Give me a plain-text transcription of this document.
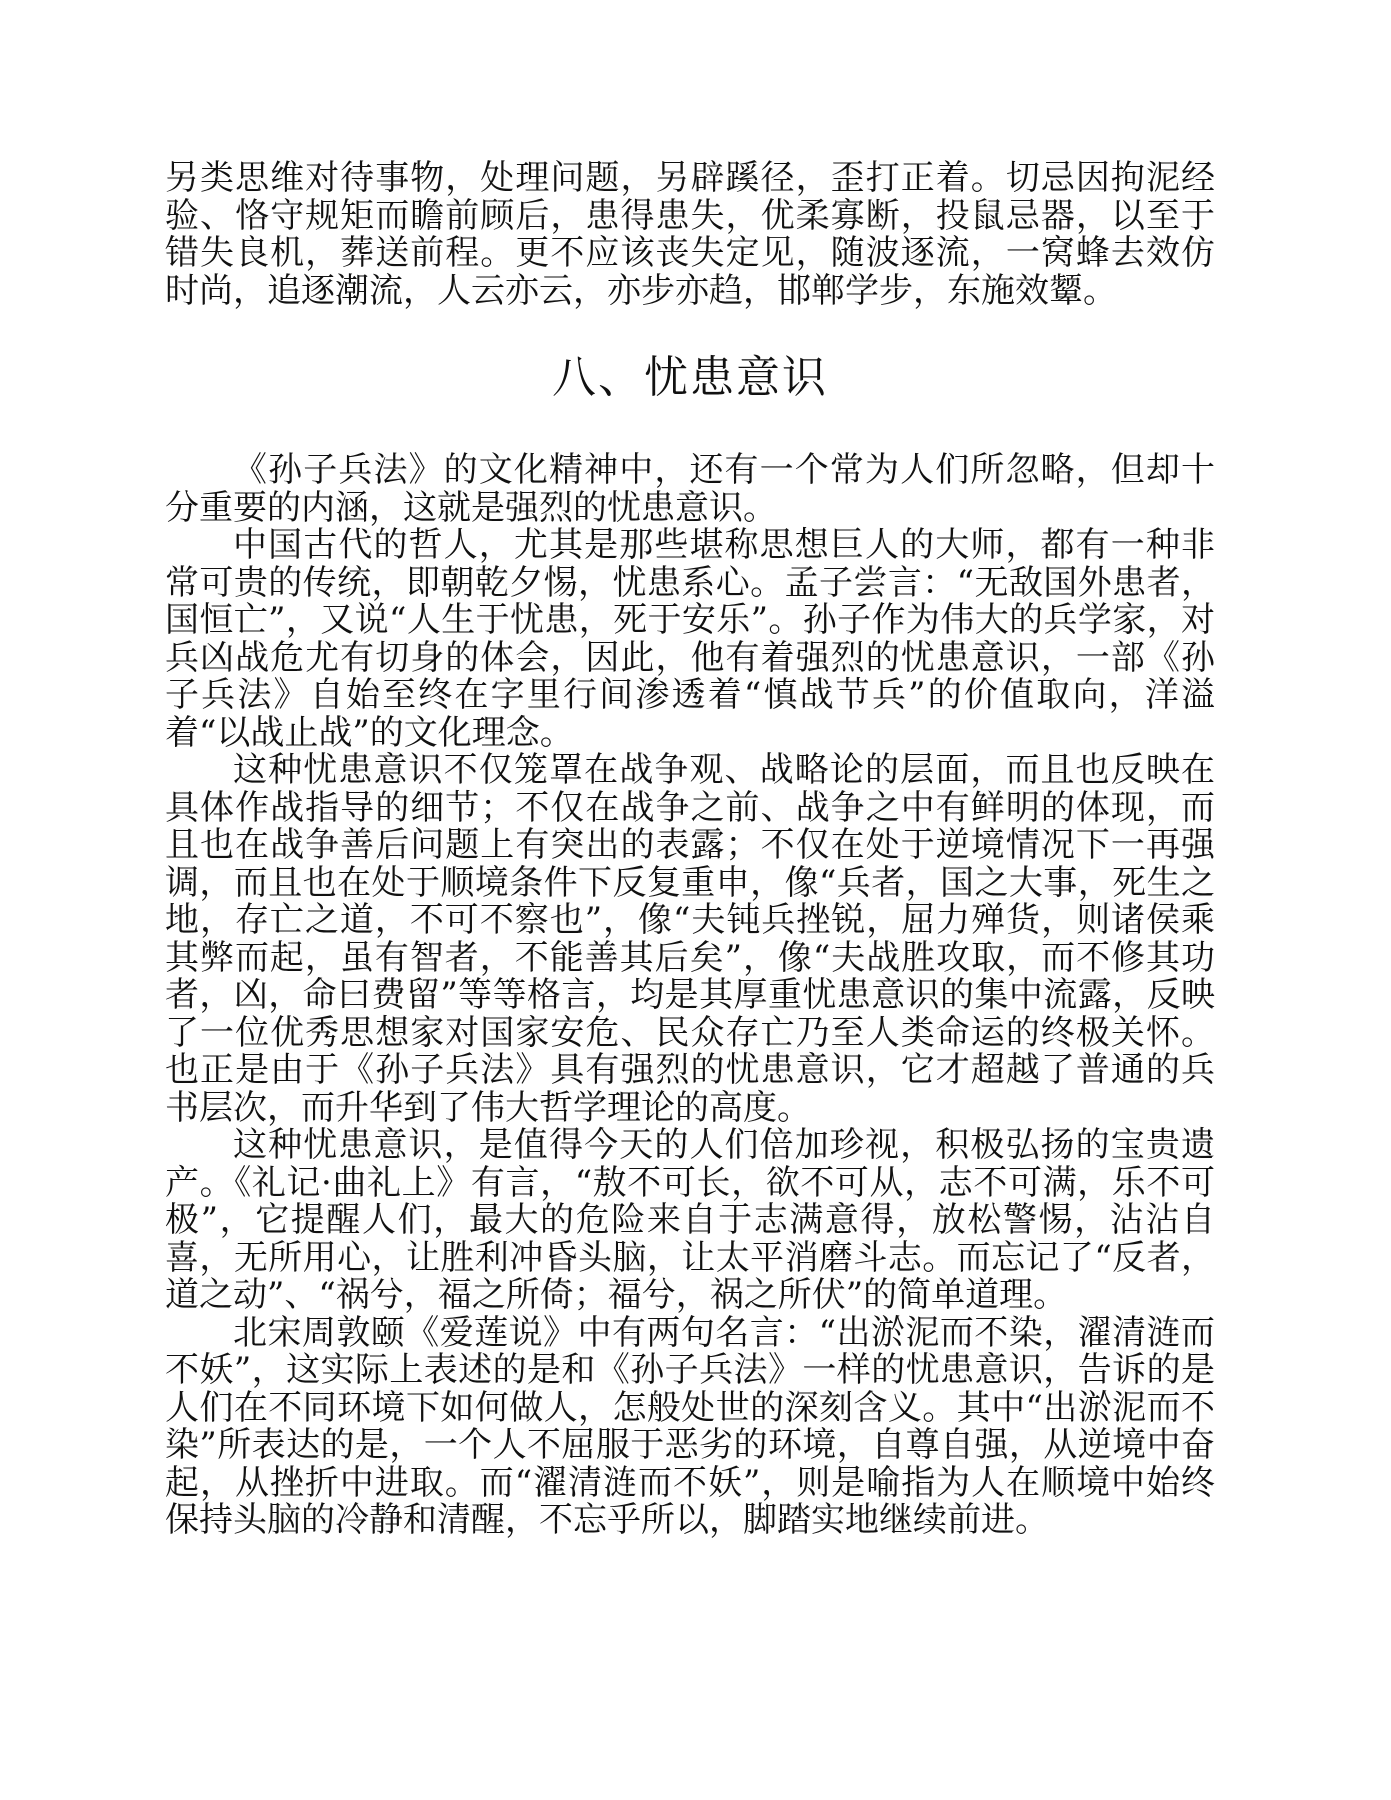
另类思维对待事物，处理问题，另辟蹊径，歪打正着。切忌因拘泥经验、恪守规矩而瞻前顾后，患得患失，优柔寡断，投鼠忌器，以至于错失良机，葬送前程。更不应该丧失定见，随波逐流，一窝蜂去效仿时尚，追逐潮流，人云亦云，亦步亦趋，邯郸学步，东施效颦。

八、忧患意识

《孙子兵法》的文化精神中，还有一个常为人们所忽略，但却十分重要的内涵，这就是强烈的忧患意识。

中国古代的哲人，尤其是那些堪称思想巨人的大师，都有一种非常可贵的传统，即朝乾夕惕，忧患系心。孟子尝言：“无敌国外患者，国恒亡”，又说“人生于忧患，死于安乐”。孙子作为伟大的兵学家，对兵凶战危尤有切身的体会，因此，他有着强烈的忧患意识，一部《孙子兵法》自始至终在字里行间渗透着“慎战节兵”的价值取向，洋溢着“以战止战”的文化理念。

这种忧患意识不仅笼罩在战争观、战略论的层面，而且也反映在具体作战指导的细节；不仅在战争之前、战争之中有鲜明的体现，而且也在战争善后问题上有突出的表露；不仅在处于逆境情况下一再强调，而且也在处于顺境条件下反复重申，像“兵者，国之大事，死生之地，存亡之道，不可不察也”，像“夫钝兵挫锐，屈力殚货，则诸侯乘其弊而起，虽有智者，不能善其后矣”，像“夫战胜攻取，而不修其功者，凶，命曰费留”等等格言，均是其厚重忧患意识的集中流露，反映了一位优秀思想家对国家安危、民众存亡乃至人类命运的终极关怀。也正是由于《孙子兵法》具有强烈的忧患意识，它才超越了普通的兵书层次，而升华到了伟大哲学理论的高度。

这种忧患意识，是值得今天的人们倍加珍视，积极弘扬的宝贵遗产。《礼记·曲礼上》有言，“敖不可长，欲不可从，志不可满，乐不可极”，它提醒人们，最大的危险来自于志满意得，放松警惕，沾沾自喜，无所用心，让胜利冲昏头脑，让太平消磨斗志。而忘记了“反者，道之动”、“祸兮，福之所倚；福兮，祸之所伏”的简单道理。

北宋周敦颐《爱莲说》中有两句名言：“出淤泥而不染，濯清涟而不妖”，这实际上表述的是和《孙子兵法》一样的忧患意识，告诉的是人们在不同环境下如何做人，怎般处世的深刻含义。其中“出淤泥而不染”所表达的是，一个人不屈服于恶劣的环境，自尊自强，从逆境中奋起，从挫折中进取。而“濯清涟而不妖”，则是喻指为人在顺境中始终保持头脑的冷静和清醒，不忘乎所以，脚踏实地继续前进。
